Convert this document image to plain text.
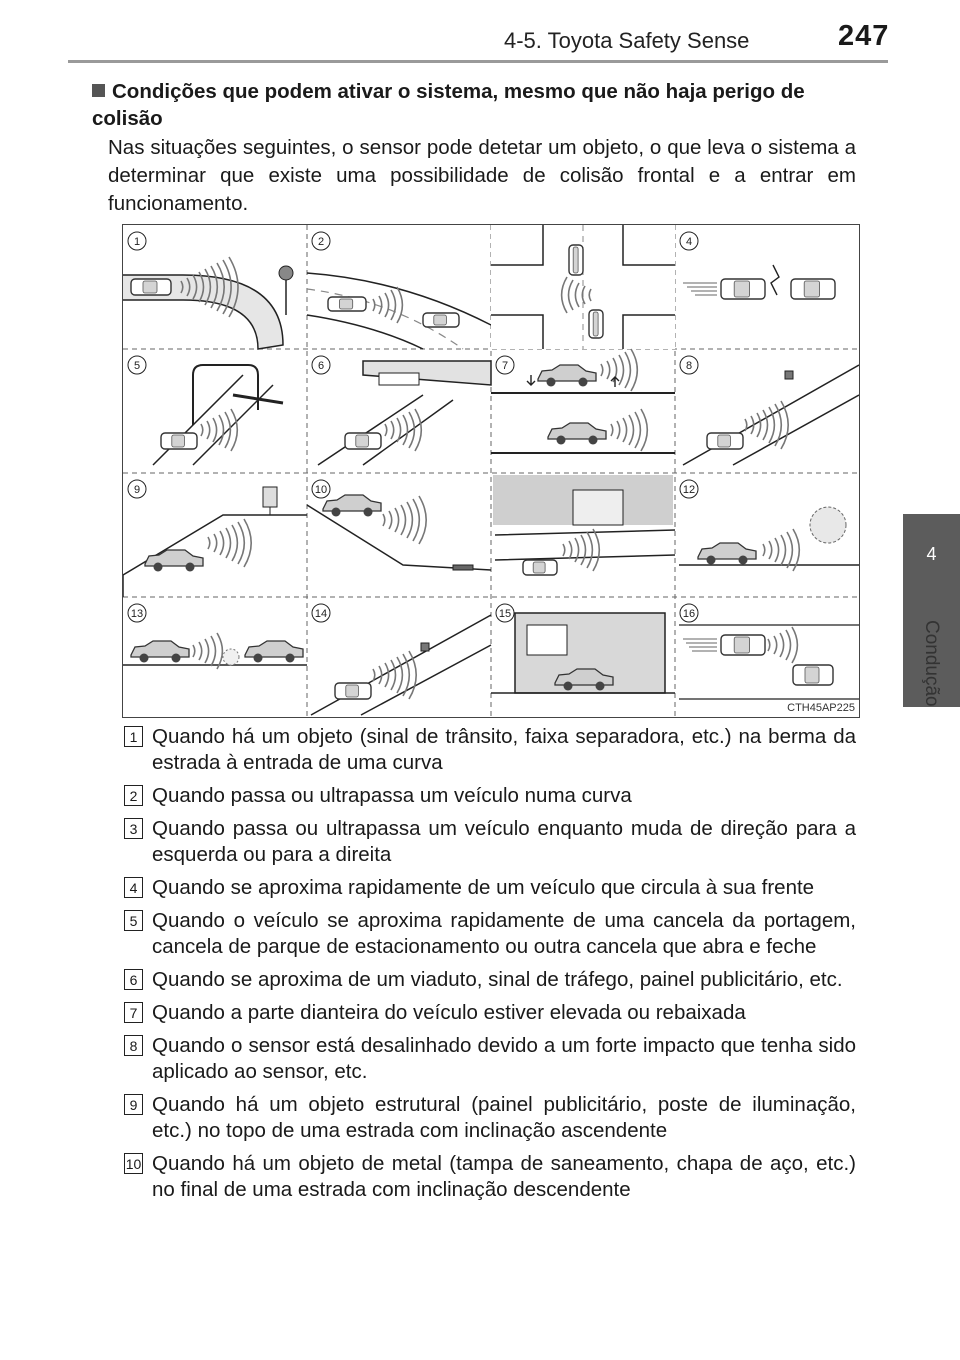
4-5. Toyota Safety Sense	247
4
Condução
Condições que podem ativar o sistema, mesmo que não haja perigo de colisão
Nas situações seguintes, o sensor pode detetar um objeto, o que leva o sistema a determinar que existe uma possibilidade de colisão frontal e a entrar em funcionamento.
1	2	4
5	6	7	8
9	10	12
13	14	15	16
CTH45AP225
1 Quando há um objeto (sinal de trânsito, faixa separadora, etc.) na berma da estrada à entrada de uma curva
2 Quando passa ou ultrapassa um veículo numa curva
3 Quando passa ou ultrapassa um veículo enquanto muda de direção para a esquerda ou para a direita
4 Quando se aproxima rapidamente de um veículo que circula à sua frente
5 Quando o veículo se aproxima rapidamente de uma cancela da portagem, cancela de parque de estacionamento ou outra cancela que abra e feche
6 Quando se aproxima de um viaduto, sinal de tráfego, painel publicitário, etc.
7 Quando a parte dianteira do veículo estiver elevada ou rebaixada
8 Quando o sensor está desalinhado devido a um forte impacto que tenha sido aplicado ao sensor, etc.
9 Quando há um objeto estrutural (painel publicitário, poste de iluminação, etc.) no topo de uma estrada com inclinação ascendente
10 Quando há um objeto de metal (tampa de saneamento, chapa de aço, etc.) no final de uma estrada com inclinação descendente
